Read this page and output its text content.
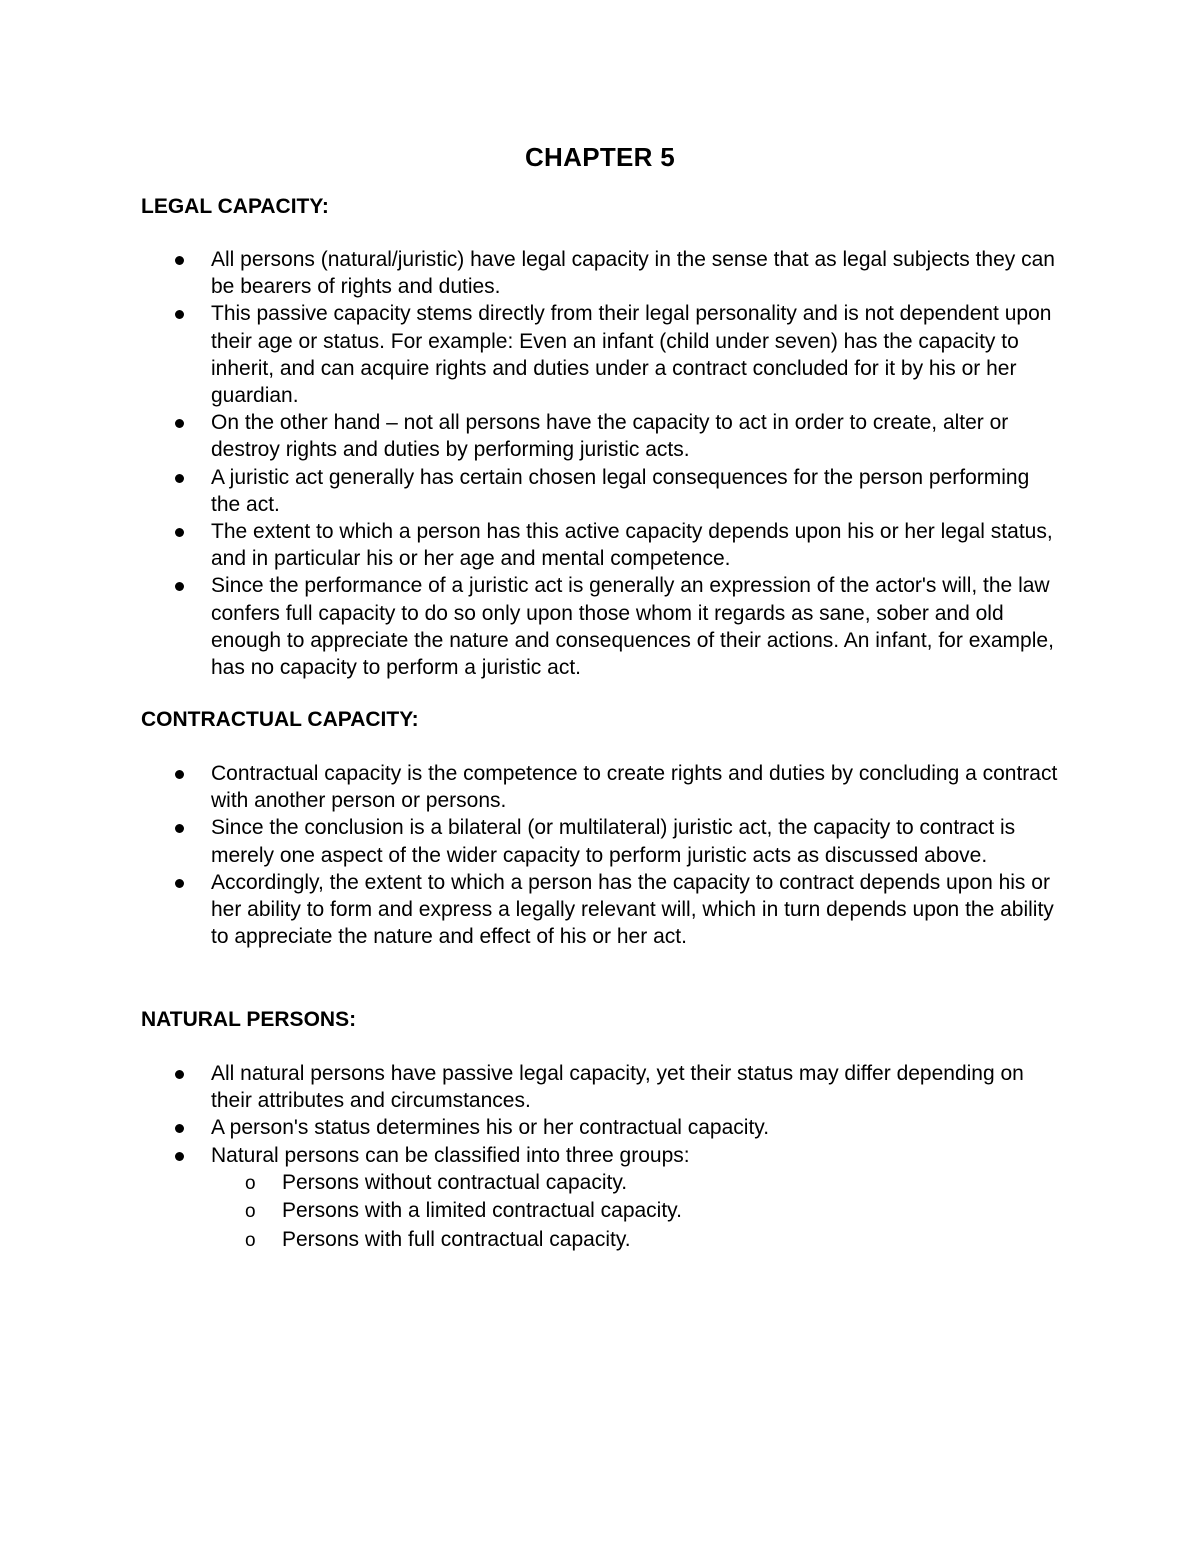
CHAPTER 5
LEGAL CAPACITY:
All persons (natural/juristic) have legal capacity in the sense that as legal subjects they can be bearers of rights and duties.
This passive capacity stems directly from their legal personality and is not dependent upon their age or status. For example: Even an infant (child under seven) has the capacity to inherit, and can acquire rights and duties under a contract concluded for it by his or her guardian.
On the other hand – not all persons have the capacity to act in order to create, alter or destroy rights and duties by performing juristic acts.
A juristic act generally has certain chosen legal consequences for the person performing the act.
The extent to which a person has this active capacity depends upon his or her legal status, and in particular his or her age and mental competence.
Since the performance of a juristic act is generally an expression of the actor's will, the law confers full capacity to do so only upon those whom it regards as sane, sober and old enough to appreciate the nature and consequences of their actions. An infant, for example, has no capacity to perform a juristic act.
CONTRACTUAL CAPACITY:
Contractual capacity is the competence to create rights and duties by concluding a contract with another person or persons.
Since the conclusion is a bilateral (or multilateral) juristic act, the capacity to contract is merely one aspect of the wider capacity to perform juristic acts as discussed above.
Accordingly, the extent to which a person has the capacity to contract depends upon his or her ability to form and express a legally relevant will, which in turn depends upon the ability to appreciate the nature and effect of his or her act.
NATURAL PERSONS:
All natural persons have passive legal capacity, yet their status may differ depending on their attributes and circumstances.
A person's status determines his or her contractual capacity.
Natural persons can be classified into three groups:
o Persons without contractual capacity.
o Persons with a limited contractual capacity.
o Persons with full contractual capacity.
